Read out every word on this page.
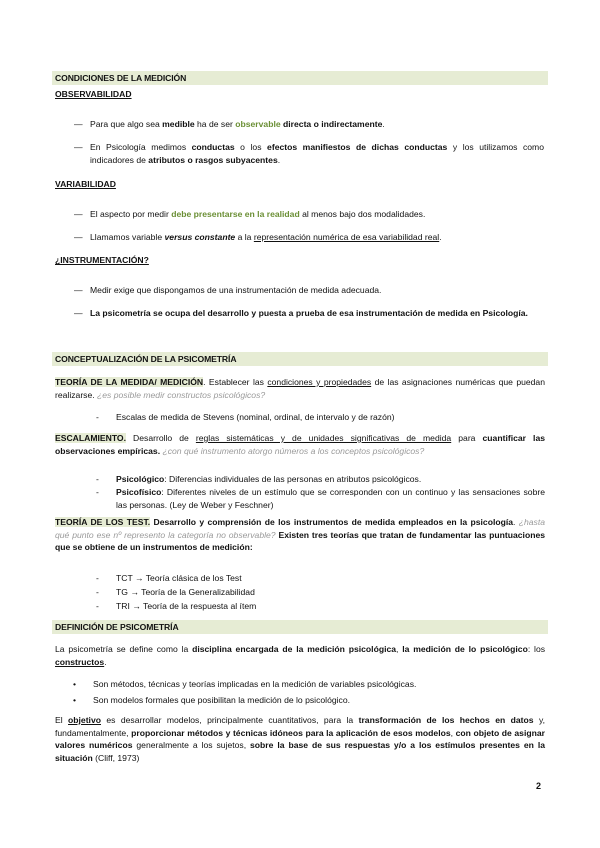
CONDICIONES DE LA MEDICIÓN
OBSERVABILIDAD
— Para que algo sea medible ha de ser observable directa o indirectamente.
— En Psicología medimos conductas o los efectos manifiestos de dichas conductas y los utilizamos como indicadores de atributos o rasgos subyacentes.
VARIABILIDAD
— El aspecto por medir debe presentarse en la realidad al menos bajo dos modalidades.
— Llamamos variable versus constante a la representación numérica de esa variabilidad real.
¿INSTRUMENTACIÓN?
— Medir exige que dispongamos de una instrumentación de medida adecuada.
— La psicometría se ocupa del desarrollo y puesta a prueba de esa instrumentación de medida en Psicología.
CONCEPTUALIZACIÓN DE LA PSICOMETRÍA
TEORÍA DE LA MEDIDA/ MEDICIÓN. Establecer las condiciones y propiedades de las asignaciones numéricas que puedan realizarse. ¿es posible medir constructos psicológicos?
- Escalas de medida de Stevens (nominal, ordinal, de intervalo y de razón)
ESCALAMIENTO. Desarrollo de reglas sistemáticas y de unidades significativas de medida para cuantificar las observaciones empíricas. ¿con qué instrumento atorgo números a los conceptos psicológicos?
- Psicológico: Diferencias individuales de las personas en atributos psicológicos.
- Psicofísico: Diferentes niveles de un estímulo que se corresponden con un continuo y las sensaciones sobre las personas. (Ley de Weber y Feschner)
TEORÍA DE LOS TEST. Desarrollo y comprensión de los instrumentos de medida empleados en la psicología. ¿hasta qué punto ese nº represento la categoría no observable? Existen tres teorías que tratan de fundamentar las puntuaciones que se obtiene de un instrumentos de medición:
- TCT → Teoría clásica de los Test
- TG → Teoría de la Generalizabilidad
- TRI → Teoría de la respuesta al ítem
DEFINICIÓN DE PSICOMETRÍA
La psicometría se define como la disciplina encargada de la medición psicológica, la medición de lo psicológico: los constructos.
• Son métodos, técnicas y teorías implicadas en la medición de variables psicológicas.
• Son modelos formales que posibilitan la medición de lo psicológico.
El objetivo es desarrollar modelos, principalmente cuantitativos, para la transformación de los hechos en datos y, fundamentalmente, proporcionar métodos y técnicas idóneos para la aplicación de esos modelos, con objeto de asignar valores numéricos generalmente a los sujetos, sobre la base de sus respuestas y/o a los estímulos presentes en la situación (Cliff, 1973)
2
